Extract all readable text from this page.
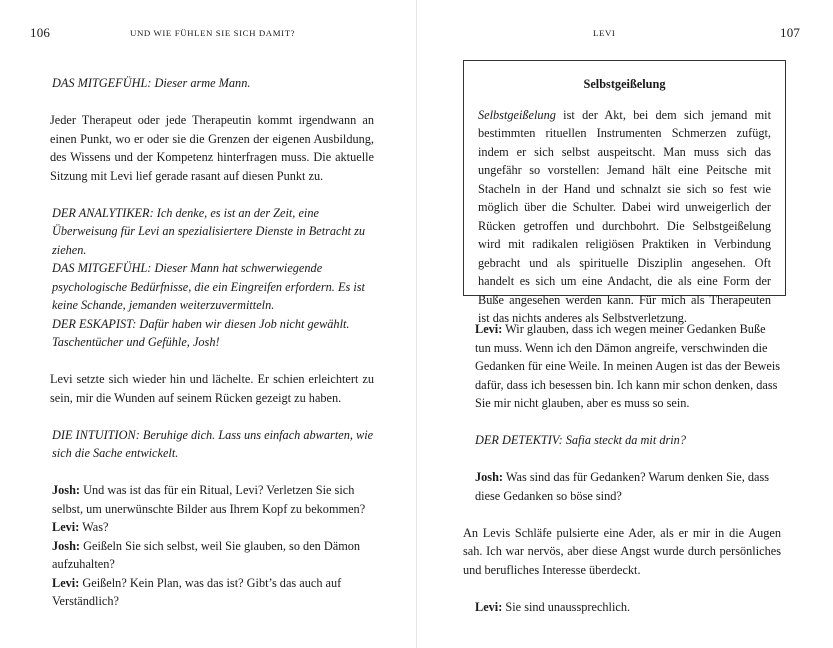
106	UND WIE FÜHLEN SIE SICH DAMIT?

DAS MITGEFÜHL: Dieser arme Mann.

Jeder Therapeut oder jede Therapeutin kommt irgendwann an einen Punkt, wo er oder sie die Grenzen der eigenen Ausbildung, des Wissens und der Kompetenz hinterfragen muss. Die aktuelle Sitzung mit Levi lief gerade rasant auf diesen Punkt zu.

DER ANALYTIKER: Ich denke, es ist an der Zeit, eine Überweisung für Levi an spezialisiertere Dienste in Betracht zu ziehen.

DAS MITGEFÜHL: Dieser Mann hat schwerwiegende psychologische Bedürfnisse, die ein Eingreifen erfordern. Es ist keine Schande, jemanden weiterzuvermitteln.

DER ESKAPIST: Dafür haben wir diesen Job nicht gewählt. Taschentücher und Gefühle, Josh!

Levi setzte sich wieder hin und lächelte. Er schien erleichtert zu sein, mir die Wunden auf seinem Rücken gezeigt zu haben.

DIE INTUITION: Beruhige dich. Lass uns einfach abwarten, wie sich die Sache entwickelt.

Josh: Und was ist das für ein Ritual, Levi? Verletzen Sie sich selbst, um unerwünschte Bilder aus Ihrem Kopf zu bekommen?

Levi: Was?

Josh: Geißeln Sie sich selbst, weil Sie glauben, so den Dämon aufzuhalten?

Levi: Geißeln? Kein Plan, was das ist? Gibt’s das auch auf Verständlich?

LEVI	107

Selbstgeißelung

Selbstgeißelung ist der Akt, bei dem sich jemand mit bestimmten rituellen Instrumenten Schmerzen zufügt, indem er sich selbst auspeitscht. Man muss sich das ungefähr so vorstellen: Jemand hält eine Peitsche mit Stacheln in der Hand und schnalzt sie sich so fest wie möglich über die Schulter. Dabei wird unweigerlich der Rücken getroffen und durchbohrt. Die Selbstgeißelung wird mit radikalen religiösen Praktiken in Verbindung gebracht und als spirituelle Disziplin angesehen. Oft handelt es sich um eine Andacht, die als eine Form der Buße angesehen werden kann. Für mich als Therapeuten ist das nichts anderes als Selbstverletzung.

Levi: Wir glauben, dass ich wegen meiner Gedanken Buße tun muss. Wenn ich den Dämon angreife, verschwinden die Gedanken für eine Weile. In meinen Augen ist das der Beweis dafür, dass ich besessen bin. Ich kann mir schon denken, dass Sie mir nicht glauben, aber es muss so sein.

DER DETEKTIV: Safia steckt da mit drin?

Josh: Was sind das für Gedanken? Warum denken Sie, dass diese Gedanken so böse sind?

An Levis Schläfe pulsierte eine Ader, als er mir in die Augen sah. Ich war nervös, aber diese Angst wurde durch persönliches und berufliches Interesse überdeckt.

Levi: Sie sind unaussprechlich.
